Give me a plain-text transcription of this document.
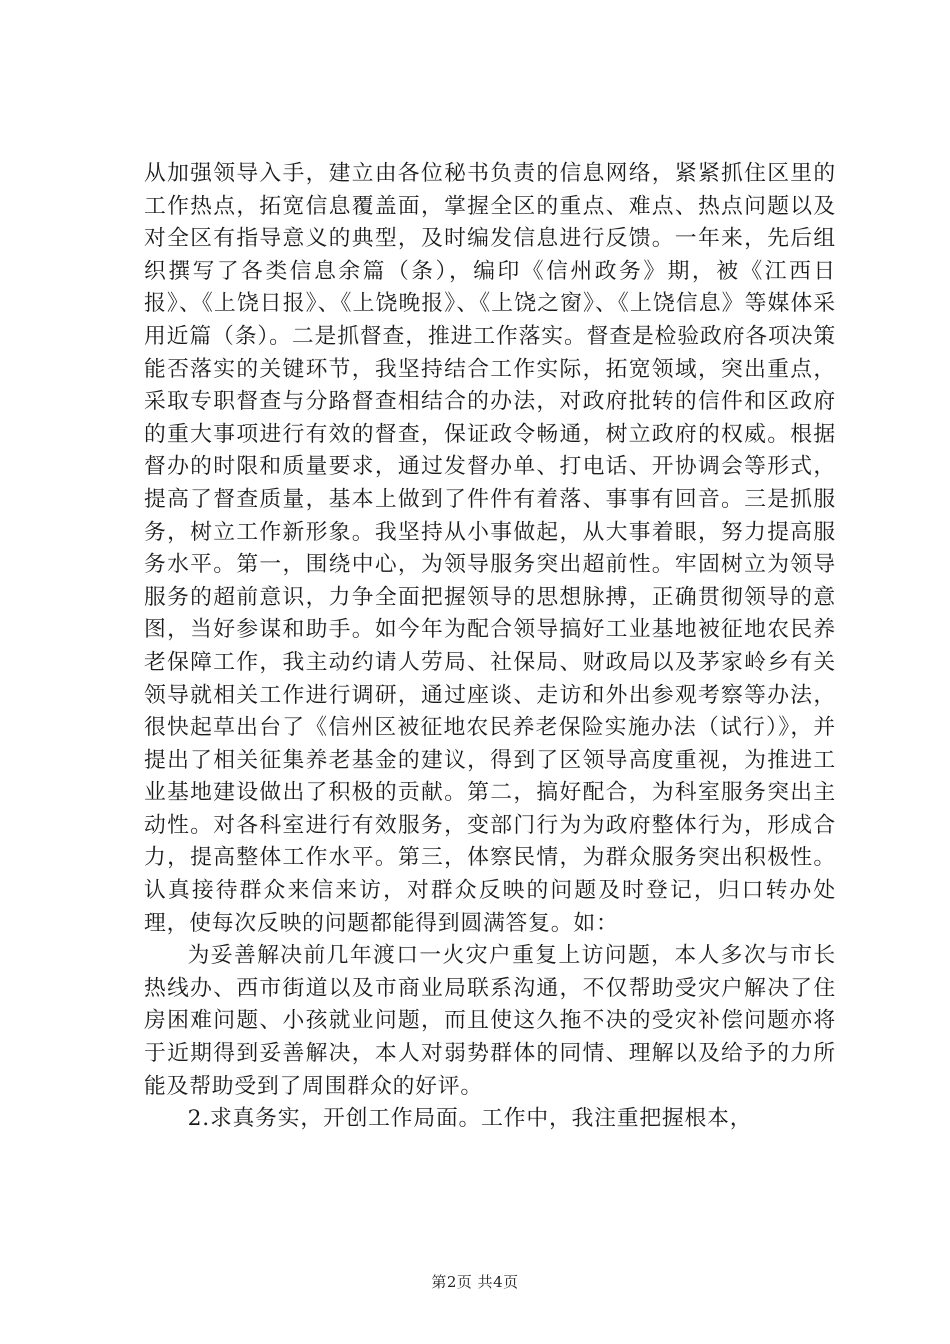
从加强领导入手，建立由各位秘书负责的信息网络，紧紧抓住区里的工作热点，拓宽信息覆盖面，掌握全区的重点、难点、热点问题以及对全区有指导意义的典型，及时编发信息进行反馈。一年来，先后组织撰写了各类信息余篇（条），编印《信州政务》期，被《江西日报》、《上饶日报》、《上饶晚报》、《上饶之窗》、《上饶信息》等媒体采用近篇（条）。二是抓督查，推进工作落实。督查是检验政府各项决策能否落实的关键环节，我坚持结合工作实际，拓宽领域，突出重点，采取专职督查与分路督查相结合的办法，对政府批转的信件和区政府的重大事项进行有效的督查，保证政令畅通，树立政府的权威。根据督办的时限和质量要求，通过发督办单、打电话、开协调会等形式，提高了督查质量，基本上做到了件件有着落、事事有回音。三是抓服务，树立工作新形象。我坚持从小事做起，从大事着眼，努力提高服务水平。第一，围绕中心，为领导服务突出超前性。牢固树立为领导服务的超前意识，力争全面把握领导的思想脉搏，正确贯彻领导的意图，当好参谋和助手。如今年为配合领导搞好工业基地被征地农民养老保障工作，我主动约请人劳局、社保局、财政局以及茅家岭乡有关领导就相关工作进行调研，通过座谈、走访和外出参观考察等办法，很快起草出台了《信州区被征地农民养老保险实施办法（试行）》，并提出了相关征集养老基金的建议，得到了区领导高度重视，为推进工业基地建设做出了积极的贡献。第二，搞好配合，为科室服务突出主动性。对各科室进行有效服务，变部门行为为政府整体行为，形成合力，提高整体工作水平。第三，体察民情，为群众服务突出积极性。认真接待群众来信来访，对群众反映的问题及时登记，归口转办处理，使每次反映的问题都能得到圆满答复。如：

为妥善解决前几年渡口一火灾户重复上访问题，本人多次与市长热线办、西市街道以及市商业局联系沟通，不仅帮助受灾户解决了住房困难问题、小孩就业问题，而且使这久拖不决的受灾补偿问题亦将于近期得到妥善解决，本人对弱势群体的同情、理解以及给予的力所能及帮助受到了周围群众的好评。

2.求真务实，开创工作局面。工作中，我注重把握根本，

第2页 共4页
